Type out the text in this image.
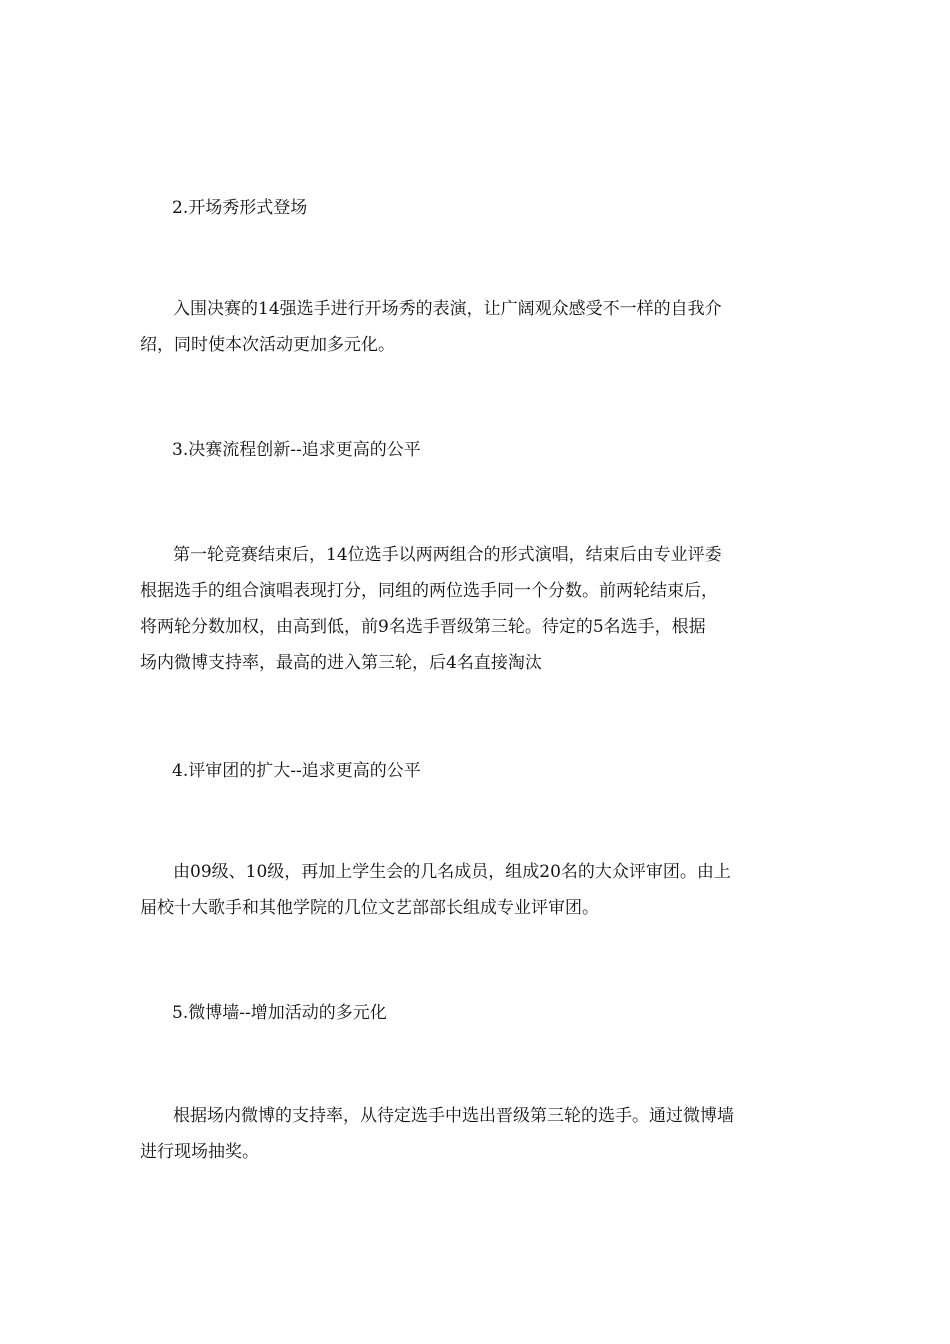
2.开场秀形式登场
入围决赛的14强选手进行开场秀的表演，让广阔观众感受不一样的自我介
绍，同时使本次活动更加多元化。
3.决赛流程创新--追求更高的公平
第一轮竞赛结束后，14位选手以两两组合的形式演唱，结束后由专业评委
根据选手的组合演唱表现打分，同组的两位选手同一个分数。前两轮结束后，
将两轮分数加权，由高到低，前9名选手晋级第三轮。待定的5名选手，根据
场内微博支持率，最高的进入第三轮，后4名直接淘汰
4.评审团的扩大--追求更高的公平
由09级、10级，再加上学生会的几名成员，组成20名的大众评审团。由上
届校十大歌手和其他学院的几位文艺部部长组成专业评审团。
5.微博墙--增加活动的多元化
根据场内微博的支持率，从待定选手中选出晋级第三轮的选手。通过微博墙
进行现场抽奖。
